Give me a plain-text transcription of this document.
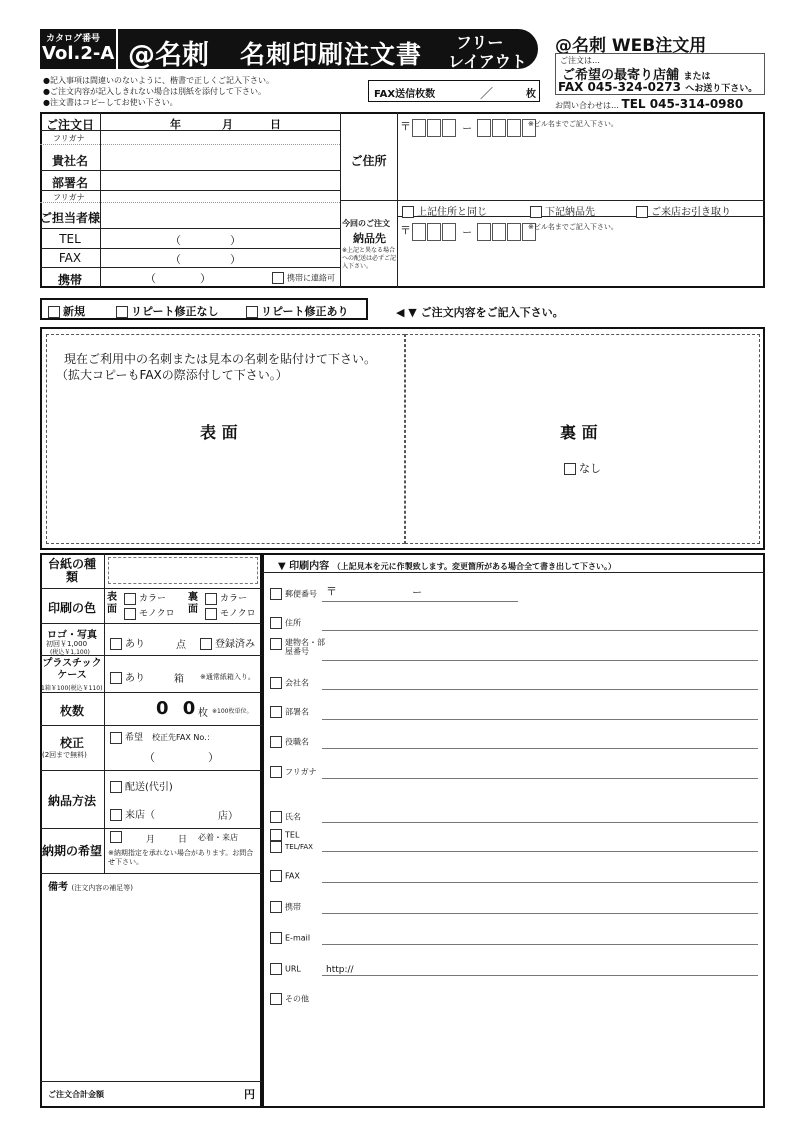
カタログ番号
Vol.2-A @名刺 名刺印刷注文書 フリー
レイアウト
@名刺 WEB注文用
ご注文は…
ご希望の最寄り店舗 または
FAX 045-324-0273 へお送り下さい。
お問い合わせは… TEL 045-314-0980
●記入事項は間違いのないように、楷書で正しくご記入下さい。
●ご注文内容が記入しきれない場合は別紙を添付して下さい。
●注文書はコピーしてお使い下さい。
FAX送信枚数	／	枚
ご注文日	年	月	日
フリガナ
貴社名
部署名
フリガナ
ご担当者様
TEL	（	）
FAX	（	）
携帯	（	）	携帯に連絡可
ご住所
〒	ー	※ビル名までご記入下さい。
今回のご注文
納品先
※上記と異なる場合への配送は必ずご記入下さい。
上記住所と同じ	下記納品先	ご来店お引き取り
〒	ー
※ビル名までご記入下さい。
新規	リピート修正なし	リピート修正あり	◀ ▼ ご注文内容をご記入下さい。
現在ご利用中の名刺または見本の名刺を貼付けて下さい。
（拡大コピーもFAXの際添付して下さい。）
表 面	裏 面
なし
台紙の種類
印刷の色
表面
カラー
モノクロ
裏面
カラー
モノクロ
ロゴ・写真
初回￥1,000
(税込￥1,100)
あり	点	登録済み
プラスチックケース
1箱￥100(税込￥110)
あり	箱 ※通常紙箱入り。
枚数	0 0
枚 ※100枚単位。
校正
(2回まで無料)
希望 校正先FAX No.：
（	）
納品方法
配送(代引)
来店（	店）
納期の希望
月	日 必着・来店
※納期指定を承れない場合があります。お問合せ下さい。
備考 (注文内容の補足等)
ご注文合計金額	円
▼ 印刷内容 （上記見本を元に作製致します。変更箇所がある場合全て書き出して下さい。）
郵便番号 〒	ー
住所
建物名・部屋番号
会社名
部署名
役職名
フリガナ
氏名
TEL
TEL/FAX
FAX
携帯
E-mail
URL	http://
その他
